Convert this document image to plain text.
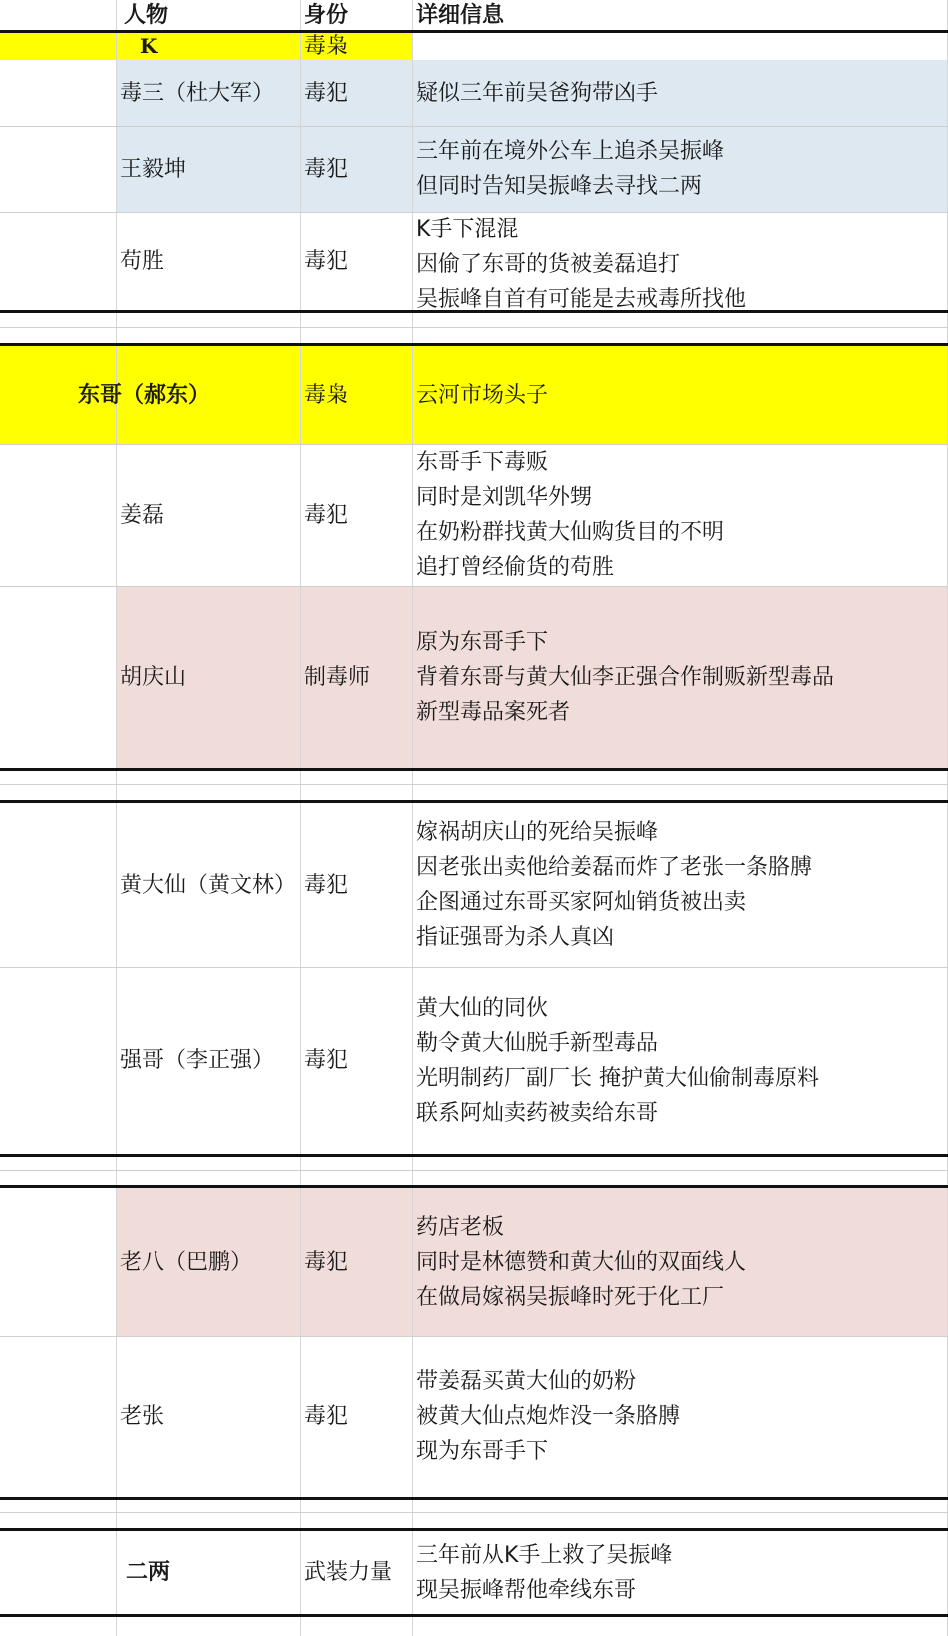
人物	身份	详细信息
K	毒枭
毒三（杜大军） 毒犯	疑似三年前吴爸狗带凶手
王毅坤	毒犯
三年前在境外公车上追杀吴振峰
但同时告知吴振峰去寻找二两
苟胜	毒犯
K手下混混
因偷了东哥的货被姜磊追打
吴振峰自首有可能是去戒毒所找他
东哥（郝东）	毒枭	云河市场头子
姜磊	毒犯
东哥手下毒贩
同时是刘凯华外甥
在奶粉群找黄大仙购货目的不明
追打曾经偷货的苟胜
胡庆山	制毒师
原为东哥手下
背着东哥与黄大仙李正强合作制贩新型毒品
新型毒品案死者
黄大仙（黄文林） 毒犯
嫁祸胡庆山的死给吴振峰
因老张出卖他给姜磊而炸了老张一条胳膊
企图通过东哥买家阿灿销货被出卖
指证强哥为杀人真凶
强哥（李正强） 毒犯
黄大仙的同伙
勒令黄大仙脱手新型毒品
光明制药厂副厂长 掩护黄大仙偷制毒原料
联系阿灿卖药被卖给东哥
老八（巴鹏） 毒犯
药店老板
同时是林德赞和黄大仙的双面线人
在做局嫁祸吴振峰时死于化工厂
老张	毒犯
带姜磊买黄大仙的奶粉
被黄大仙点炮炸没一条胳膊
现为东哥手下
二两	武装力量
三年前从K手上救了吴振峰
现吴振峰帮他牵线东哥
